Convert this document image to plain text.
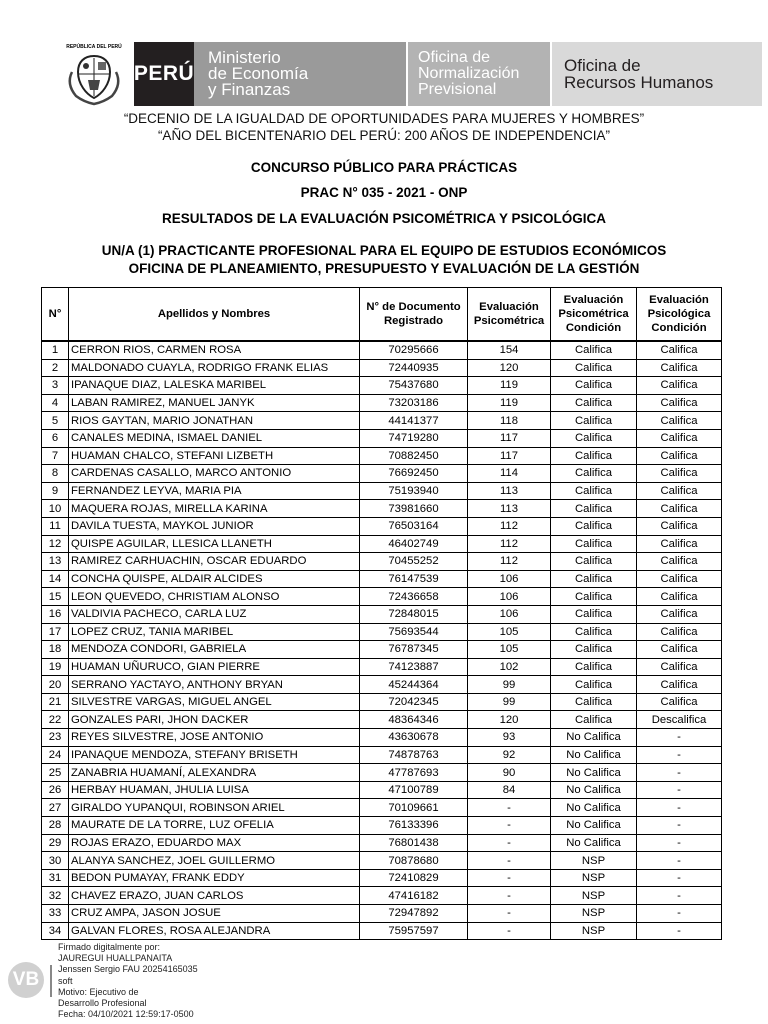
REPÚBLICA DEL PERÚ
PERÚ
Ministerio
de Economía
y Finanzas
Oficina de
Normalización
Previsional
Oficina de
Recursos Humanos
“DECENIO DE LA IGUALDAD DE OPORTUNIDADES PARA MUJERES Y HOMBRES”
“AÑO DEL BICENTENARIO DEL PERÚ: 200 AÑOS DE INDEPENDENCIA”
CONCURSO PÚBLICO PARA PRÁCTICAS
PRAC N° 035 - 2021 - ONP
RESULTADOS DE LA EVALUACIÓN PSICOMÉTRICA Y PSICOLÓGICA
UN/A (1) PRACTICANTE PROFESIONAL PARA EL EQUIPO DE ESTUDIOS ECONÓMICOS
OFICINA DE PLANEAMIENTO, PRESUPUESTO Y EVALUACIÓN DE LA GESTIÓN
N°	Apellidos y Nombres	N° de Documento Registrado	Evaluación Psicométrica	Evaluación Psicométrica Condición	Evaluación Psicológica Condición
1	CERRON RIOS, CARMEN ROSA	70295666	154	Califica	Califica
2	MALDONADO CUAYLA, RODRIGO FRANK ELIAS	72440935	120	Califica	Califica
3	IPANAQUE DIAZ, LALESKA MARIBEL	75437680	119	Califica	Califica
4	LABAN RAMIREZ, MANUEL JANYK	73203186	119	Califica	Califica
5	RIOS GAYTAN, MARIO JONATHAN	44141377	118	Califica	Califica
6	CANALES MEDINA, ISMAEL DANIEL	74719280	117	Califica	Califica
7	HUAMAN CHALCO, STEFANI LIZBETH	70882450	117	Califica	Califica
8	CARDENAS CASALLO, MARCO ANTONIO	76692450	114	Califica	Califica
9	FERNANDEZ LEYVA, MARIA PIA	75193940	113	Califica	Califica
10	MAQUERA ROJAS, MIRELLA KARINA	73981660	113	Califica	Califica
11	DAVILA TUESTA, MAYKOL JUNIOR	76503164	112	Califica	Califica
12	QUISPE AGUILAR, LLESICA LLANETH	46402749	112	Califica	Califica
13	RAMIREZ CARHUACHIN, OSCAR EDUARDO	70455252	112	Califica	Califica
14	CONCHA QUISPE, ALDAIR ALCIDES	76147539	106	Califica	Califica
15	LEON QUEVEDO, CHRISTIAM ALONSO	72436658	106	Califica	Califica
16	VALDIVIA PACHECO, CARLA LUZ	72848015	106	Califica	Califica
17	LOPEZ CRUZ, TANIA MARIBEL	75693544	105	Califica	Califica
18	MENDOZA CONDORI, GABRIELA	76787345	105	Califica	Califica
19	HUAMAN UÑURUCO, GIAN PIERRE	74123887	102	Califica	Califica
20	SERRANO YACTAYO, ANTHONY BRYAN	45244364	99	Califica	Califica
21	SILVESTRE VARGAS, MIGUEL ANGEL	72042345	99	Califica	Califica
22	GONZALES PARI, JHON DACKER	48364346	120	Califica	Descalifica
23	REYES SILVESTRE, JOSE ANTONIO	43630678	93	No Califica	-
24	IPANAQUE MENDOZA, STEFANY BRISETH	74878763	92	No Califica	-
25	ZANABRIA HUAMANÍ, ALEXANDRA	47787693	90	No Califica	-
26	HERBAY HUAMAN, JHULIA LUISA	47100789	84	No Califica	-
27	GIRALDO YUPANQUI, ROBINSON ARIEL	70109661	-	No Califica	-
28	MAURATE DE LA TORRE, LUZ OFELIA	76133396	-	No Califica	-
29	ROJAS ERAZO, EDUARDO MAX	76801438	-	No Califica	-
30	ALANYA SANCHEZ, JOEL GUILLERMO	70878680	-	NSP	-
31	BEDON PUMAYAY, FRANK EDDY	72410829	-	NSP	-
32	CHAVEZ ERAZO, JUAN CARLOS	47416182	-	NSP	-
33	CRUZ AMPA, JASON JOSUE	72947892	-	NSP	-
34	GALVAN FLORES, ROSA ALEJANDRA	75957597	-	NSP	-
VB
Firmado digitalmente por:
JAUREGUI HUALLPANAITA
Jenssen Sergio FAU 20254165035
soft
Motivo: Ejecutivo de
Desarrollo Profesional
Fecha: 04/10/2021 12:59:17-0500
